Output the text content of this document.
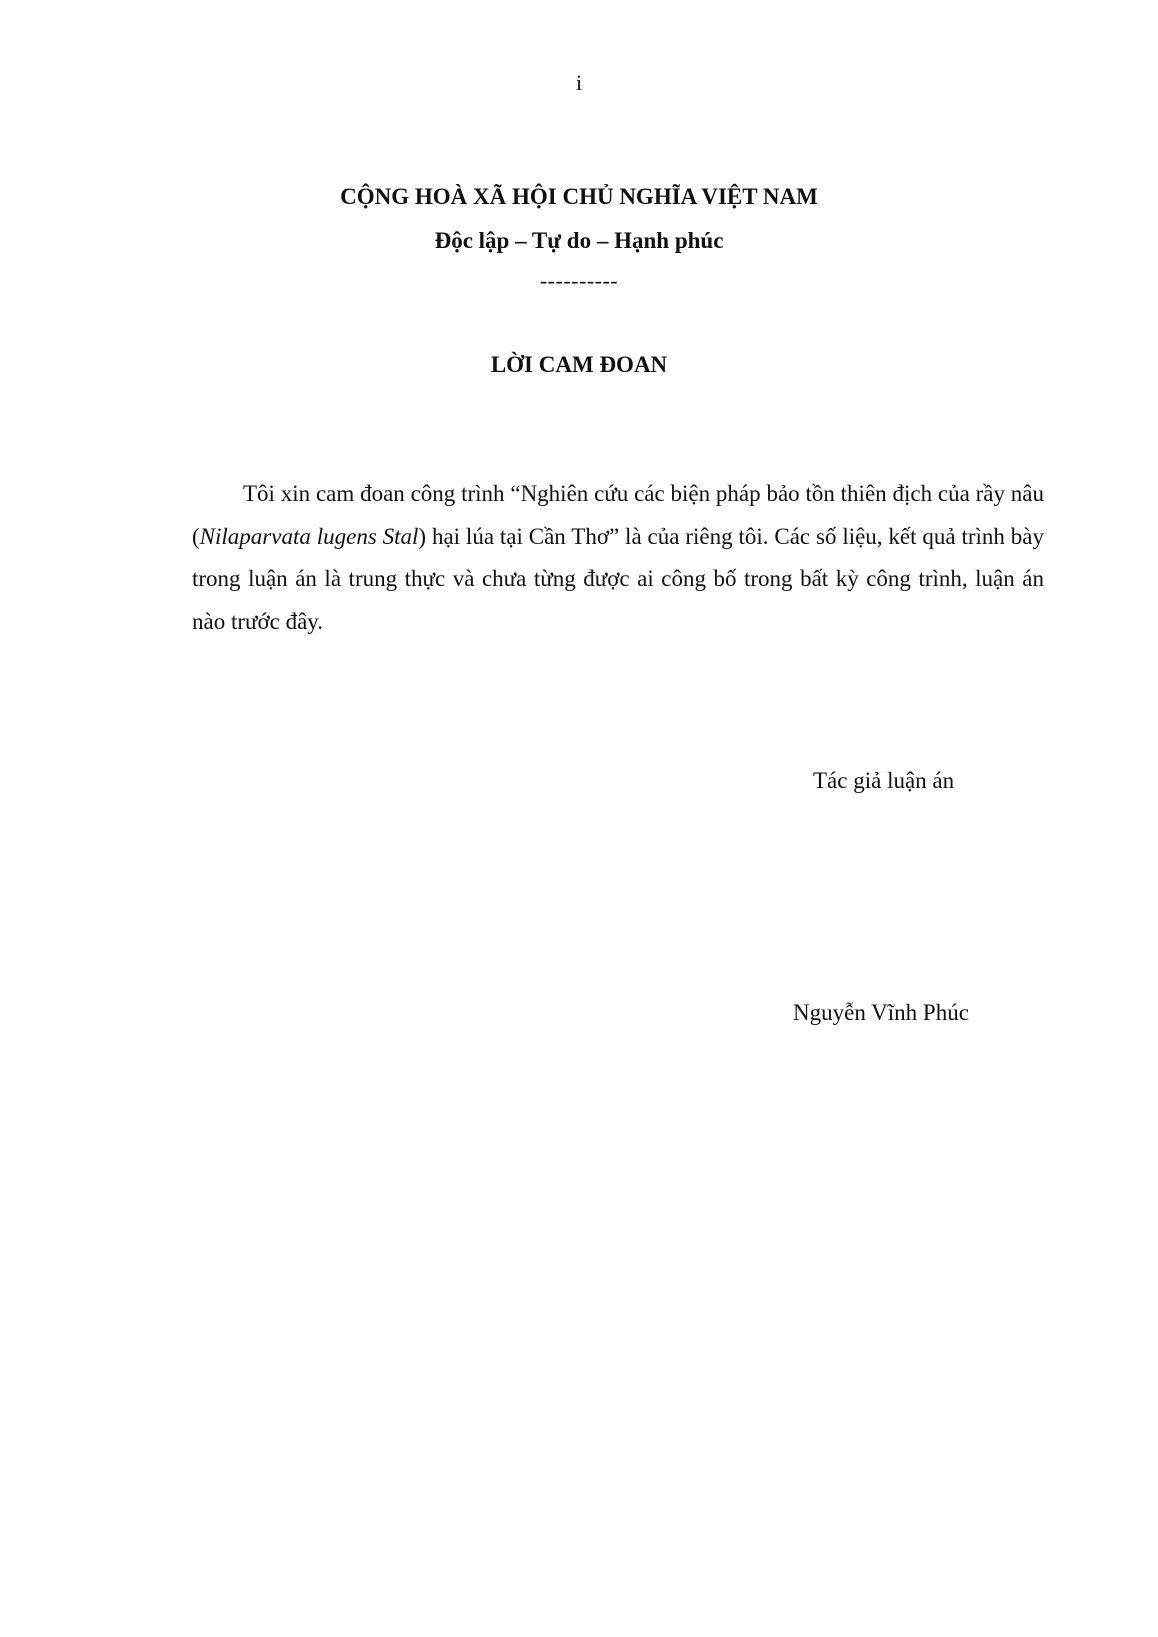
i
CỘNG HOÀ XÃ HỘI CHỦ NGHĨA VIỆT NAM
Độc lập – Tự do – Hạnh phúc
----------
LỜI CAM ĐOAN

Tôi xin cam đoan công trình “Nghiên cứu các biện pháp bảo tồn thiên địch của rầy nâu (Nilaparvata lugens Stal) hại lúa tại Cần Thơ” là của riêng tôi. Các số liệu, kết quả trình bày trong luận án là trung thực và chưa từng được ai công bố trong bất kỳ công trình, luận án nào trước đây.

Tác giả luận án
Nguyễn Vĩnh Phúc
